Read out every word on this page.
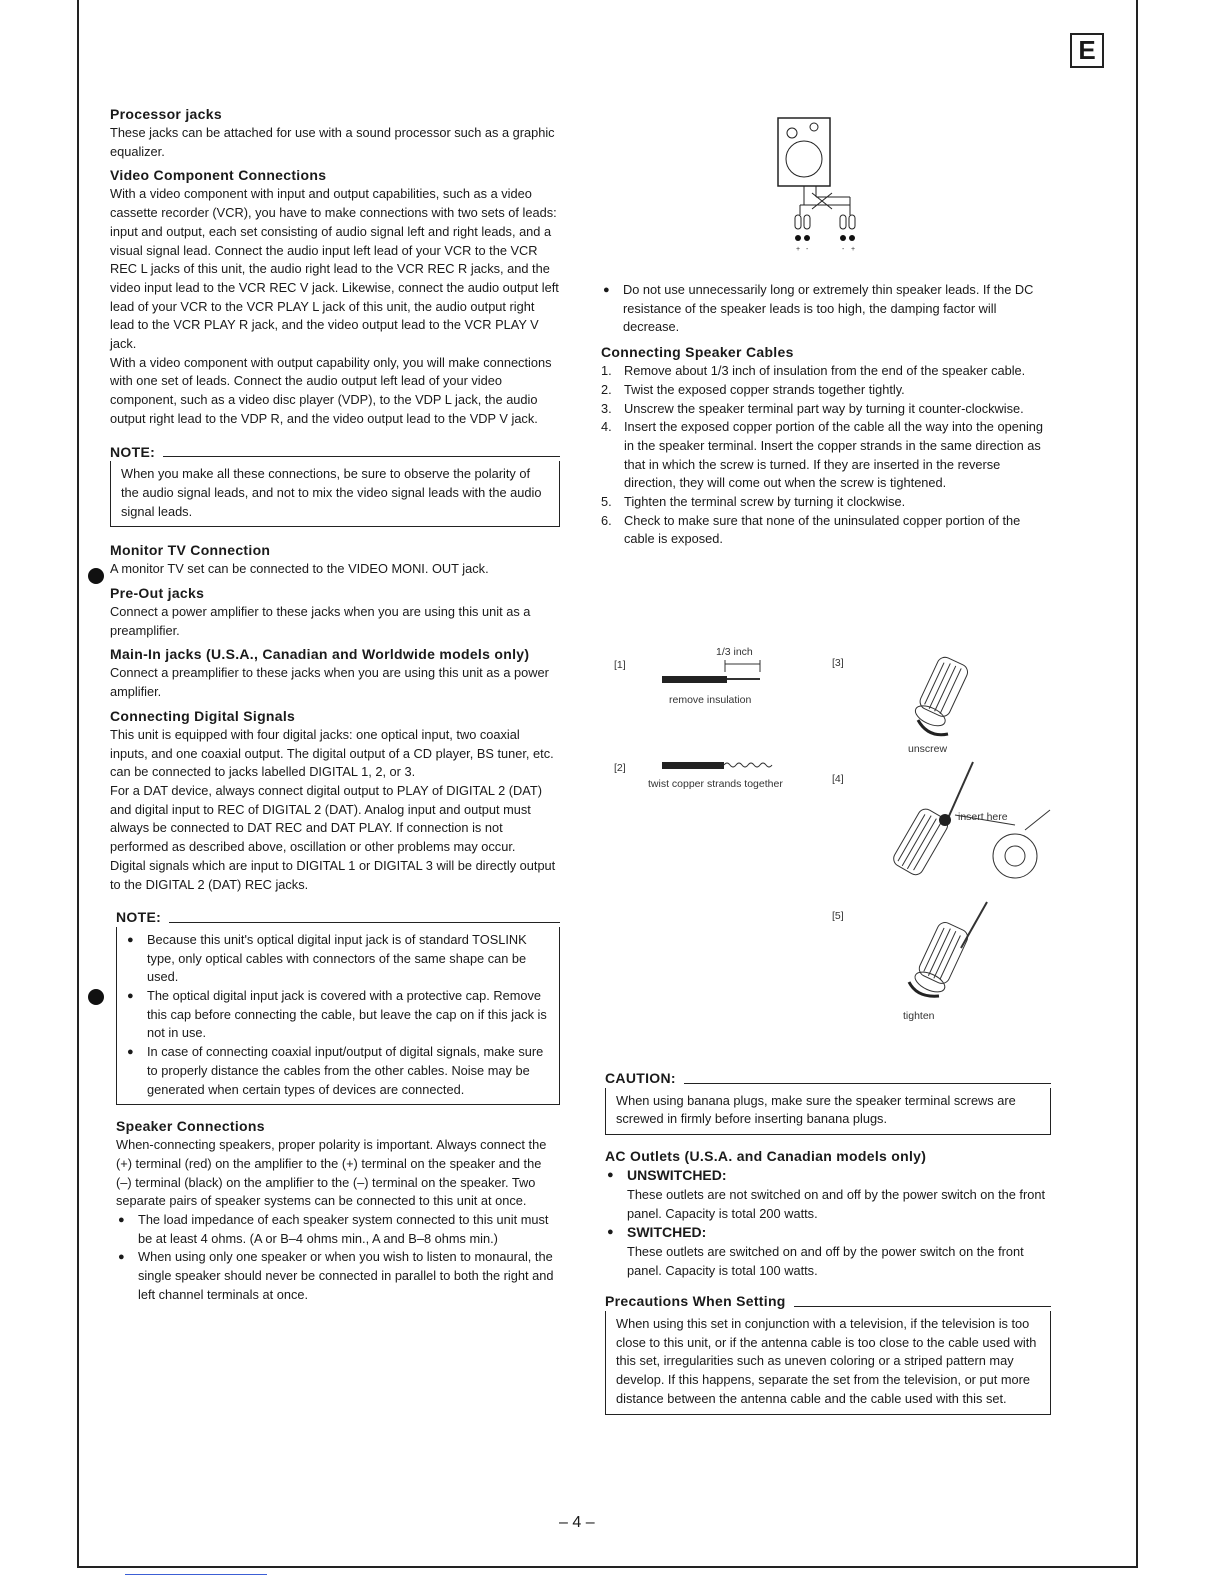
E
Processor jacks

These jacks can be attached for use with a sound processor such as a graphic equalizer.

Video Component Connections

With a video component with input and output capabilities, such as a video cassette recorder (VCR), you have to make connections with two sets of leads: input and output, each set consisting of audio signal left and right leads, and a visual signal lead. Connect the audio input left lead of your VCR to the VCR REC L jacks of this unit, the audio right lead to the VCR REC R jacks, and the video input lead to the VCR REC V jack. Likewise, connect the audio output left lead of your VCR to the VCR PLAY L jack of this unit, the audio output right lead to the VCR PLAY R jack, and the video output lead to the VCR PLAY V jack.

With a video component with output capability only, you will make connections with one set of leads. Connect the audio output left lead of your video component, such as a video disc player (VDP), to the VDP L jack, the audio output right lead to the VDP R, and the video output lead to the VDP V jack.

NOTE:

When you make all these connections, be sure to observe the polarity of the audio signal leads, and not to mix the video signal leads with the audio signal leads.

Monitor TV Connection

A monitor TV set can be connected to the VIDEO MONI. OUT jack.

Pre-Out jacks

Connect a power amplifier to these jacks when you are using this unit as a preamplifier.

Main-In jacks (U.S.A., Canadian and Worldwide models only)

Connect a preamplifier to these jacks when you are using this unit as a power amplifier.

Connecting Digital Signals

This unit is equipped with four digital jacks: one optical input, two coaxial inputs, and one coaxial output. The digital output of a CD player, BS tuner, etc. can be connected to jacks labelled DIGITAL 1, 2, or 3.

For a DAT device, always connect digital output to PLAY of DIGITAL 2 (DAT) and digital input to REC of DIGITAL 2 (DAT). Analog input and output must always be connected to DAT REC and DAT PLAY. If connection is not performed as described above, oscillation or other problems may occur.

Digital signals which are input to DIGITAL 1 or DIGITAL 3 will be directly output to the DIGITAL 2 (DAT) REC jacks.

NOTE:
● Because this unit's optical digital input jack is of standard TOSLINK type, only optical cables with connectors of the same shape can be used.
● The optical digital input jack is covered with a protective cap. Remove this cap before connecting the cable, but leave the cap on if this jack is not in use.
● In case of connecting coaxial input/output of digital signals, make sure to properly distance the cables from the other cables. Noise may be generated when certain types of devices are connected.
Speaker Connections

When-connecting speakers, proper polarity is important. Always connect the (+) terminal (red) on the amplifier to the (+) terminal on the speaker and the (–) terminal (black) on the amplifier to the (–) terminal on the speaker. Two separate pairs of speaker systems can be connected to this unit at once.

● The load impedance of each speaker system connected to this unit must be at least 4 ohms. (A or B–4 ohms min., A and B–8 ohms min.)
● When using only one speaker or when you wish to listen to monaural, the single speaker should never be connected in parallel to both the right and left channel terminals at once.
+ -	- +
● Do not use unnecessarily long or extremely thin speaker leads. If the DC resistance of the speaker leads is too high, the damping factor will decrease.
Connecting Speaker Cables
1. Remove about 1/3 inch of insulation from the end of the speaker cable.
2. Twist the exposed copper strands together tightly.
3. Unscrew the speaker terminal part way by turning it counter-clockwise.
4. Insert the exposed copper portion of the cable all the way into the opening in the speaker terminal. Insert the copper strands in the same direction as that in which the screw is turned. If they are inserted in the reverse direction, they will come out when the screw is tightened.
5. Tighten the terminal screw by turning it clockwise.
6. Check to make sure that none of the uninsulated copper portion of the cable is exposed.
[1]
1/3 inch
remove insulation
[2]
twist copper strands together
[3]
unscrew
[4]
insert here
[5]
tighten
CAUTION:

When using banana plugs, make sure the speaker terminal screws are screwed in firmly before inserting banana plugs.

AC Outlets (U.S.A. and Canadian models only)
● UNSWITCHED:
These outlets are not switched on and off by the power switch on the front panel. Capacity is total 200 watts.
● SWITCHED:
These outlets are switched on and off by the power switch on the front panel. Capacity is total 100 watts.
Precautions When Setting

When using this set in conjunction with a television, if the television is too close to this unit, or if the antenna cable is too close to the cable used with this set, irregularities such as uneven coloring or a striped pattern may develop. If this happens, separate the set from the television, or put more distance between the antenna cable and the cable used with this set.

– 4 –
